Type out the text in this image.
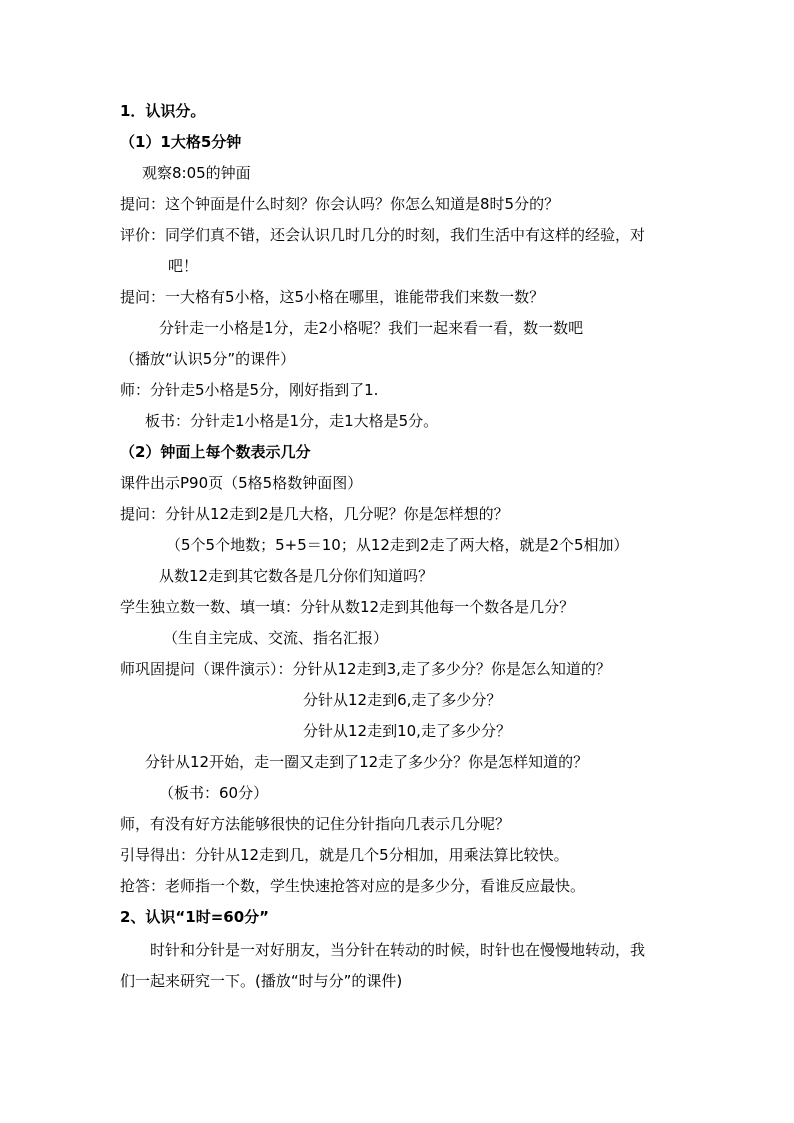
1．认识分。
（1）1大格5分钟
观察8:05的钟面
提问：这个钟面是什么时刻？你会认吗？你怎么知道是8时5分的？
评价：同学们真不错，还会认识几时几分的时刻，我们生活中有这样的经验，对
吧！
提问：一大格有5小格，这5小格在哪里，谁能带我们来数一数？
分针走一小格是1分，走2小格呢？我们一起来看一看，数一数吧
（播放“认识5分”的课件）
师：分针走5小格是5分，刚好指到了1.
板书：分针走1小格是1分，走1大格是5分。
（2）钟面上每个数表示几分
课件出示P90页（5格5格数钟面图）
提问：分针从12走到2是几大格，几分呢？你是怎样想的？
（5个5个地数；5+5＝10；从12走到2走了两大格，就是2个5相加）
从数12走到其它数各是几分你们知道吗？
学生独立数一数、填一填：分针从数12走到其他每一个数各是几分？
（生自主完成、交流、指名汇报）
师巩固提问（课件演示）：分针从12走到3,走了多少分？你是怎么知道的？
分针从12走到6,走了多少分？
分针从12走到10,走了多少分？
分针从12开始，走一圈又走到了12走了多少分？你是怎样知道的？
（板书：60分）
师，有没有好方法能够很快的记住分针指向几表示几分呢？
引导得出：分针从12走到几，就是几个5分相加，用乘法算比较快。
抢答：老师指一个数，学生快速抢答对应的是多少分，看谁反应最快。
2、认识“1时=60分”
时针和分针是一对好朋友，当分针在转动的时候，时针也在慢慢地转动，我
们一起来研究一下。(播放“时与分”的课件)
